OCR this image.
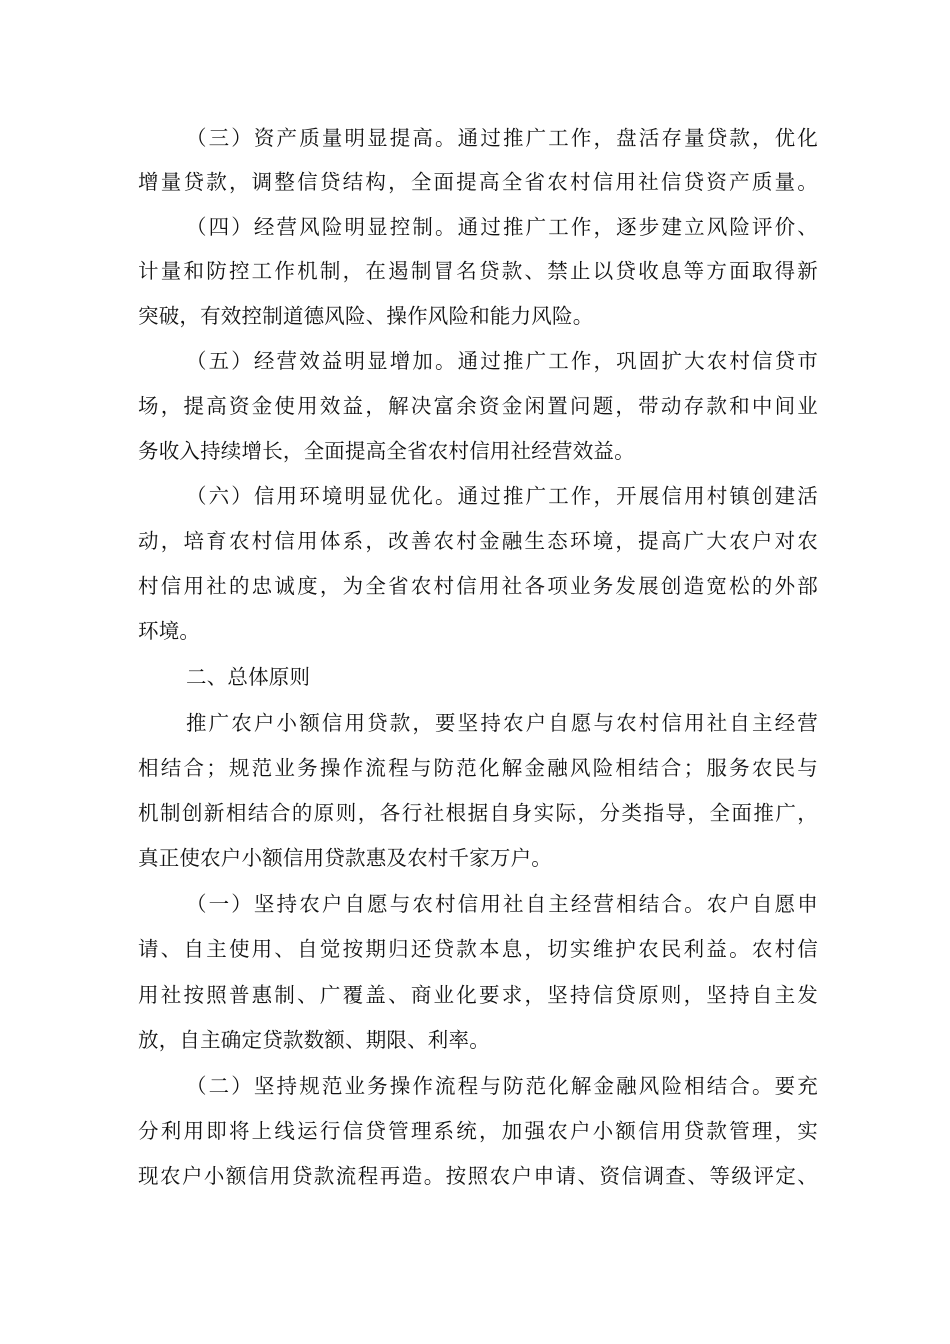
（三）资产质量明显提高。通过推广工作，盘活存量贷款，优化
增量贷款，调整信贷结构，全面提高全省农村信用社信贷资产质量。
（四）经营风险明显控制。通过推广工作，逐步建立风险评价、
计量和防控工作机制，在遏制冒名贷款、禁止以贷收息等方面取得新
突破，有效控制道德风险、操作风险和能力风险。
（五）经营效益明显增加。通过推广工作，巩固扩大农村信贷市
场，提高资金使用效益，解决富余资金闲置问题，带动存款和中间业
务收入持续增长，全面提高全省农村信用社经营效益。
（六）信用环境明显优化。通过推广工作，开展信用村镇创建活
动，培育农村信用体系，改善农村金融生态环境，提高广大农户对农
村信用社的忠诚度，为全省农村信用社各项业务发展创造宽松的外部
环境。
二、总体原则
推广农户小额信用贷款，要坚持农户自愿与农村信用社自主经营
相结合；规范业务操作流程与防范化解金融风险相结合；服务农民与
机制创新相结合的原则，各行社根据自身实际，分类指导，全面推广，
真正使农户小额信用贷款惠及农村千家万户。
（一）坚持农户自愿与农村信用社自主经营相结合。农户自愿申
请、自主使用、自觉按期归还贷款本息，切实维护农民利益。农村信
用社按照普惠制、广覆盖、商业化要求，坚持信贷原则，坚持自主发
放，自主确定贷款数额、期限、利率。
（二）坚持规范业务操作流程与防范化解金融风险相结合。要充
分利用即将上线运行信贷管理系统，加强农户小额信用贷款管理，实
现农户小额信用贷款流程再造。按照农户申请、资信调查、等级评定、
